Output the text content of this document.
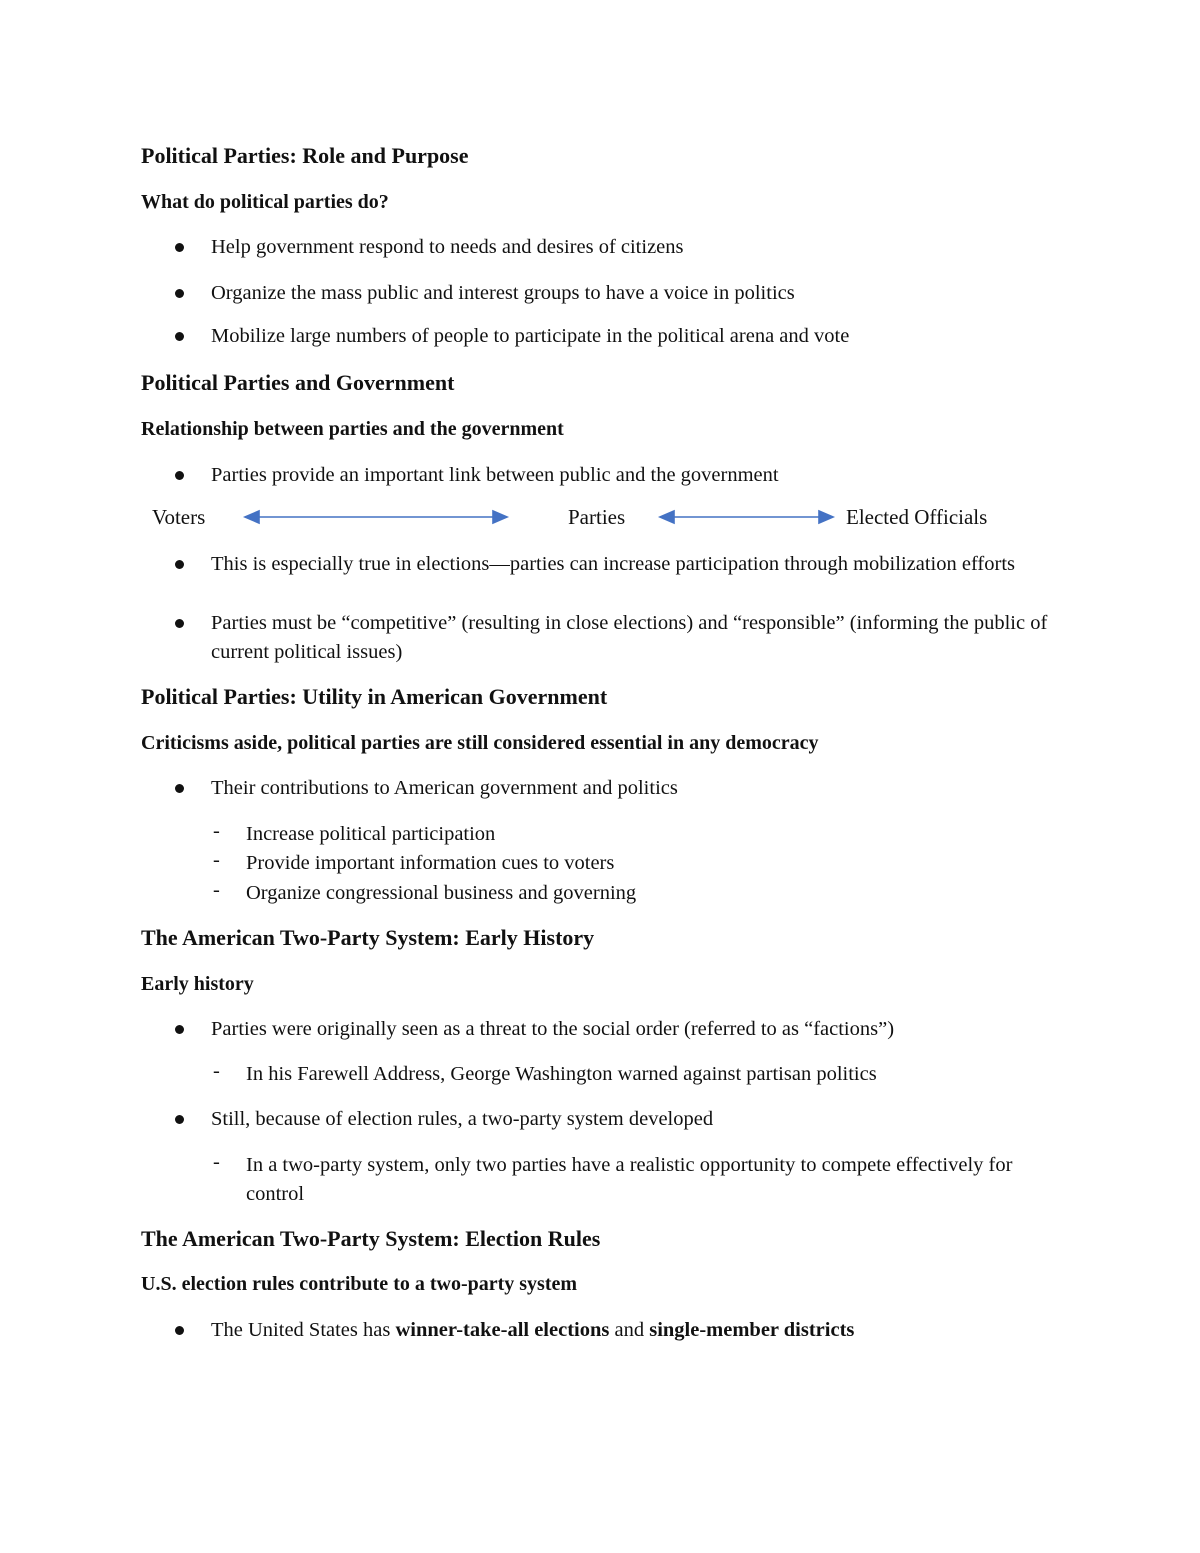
Political Parties: Role and Purpose
What do political parties do?
Help government respond to needs and desires of citizens
Organize the mass public and interest groups to have a voice in politics
Mobilize large numbers of people to participate in the political arena and vote
Political Parties and Government
Relationship between parties and the government
Parties provide an important link between public and the government
Voters	Parties	Elected Officials
This is especially true in elections—parties can increase participation through mobilization efforts
Parties must be “competitive” (resulting in close elections) and “responsible” (informing the public of current political issues)
Political Parties: Utility in American Government
Criticisms aside, political parties are still considered essential in any democracy
Their contributions to American government and politics
- Increase political participation
- Provide important information cues to voters
- Organize congressional business and governing
The American Two-Party System: Early History
Early history
Parties were originally seen as a threat to the social order (referred to as “factions”)
- In his Farewell Address, George Washington warned against partisan politics
Still, because of election rules, a two-party system developed
- In a two-party system, only two parties have a realistic opportunity to compete effectively for control
The American Two-Party System: Election Rules
U.S. election rules contribute to a two-party system
The United States has winner-take-all elections and single-member districts
